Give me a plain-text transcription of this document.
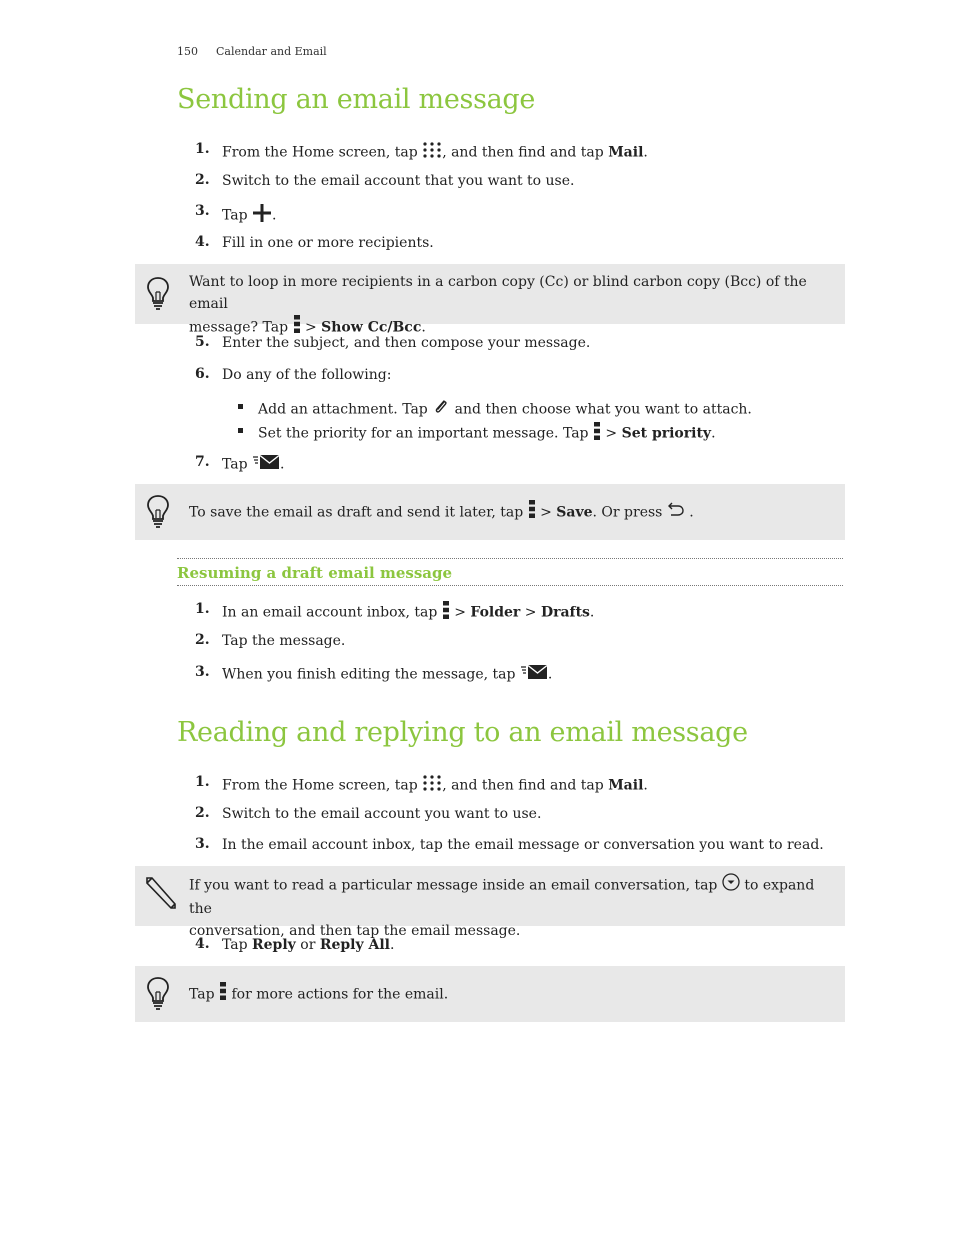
150 Calendar and Email
Sending an email message
1. From the Home screen, tap , and then find and tap Mail.
2. Switch to the email account that you want to use.
3. Tap .
4. Fill in one or more recipients.
Want to loop in more recipients in a carbon copy (Cc) or blind carbon copy (Bcc) of the email
message? Tap > Show Cc/Bcc.
5. Enter the subject, and then compose your message.
6. Do any of the following:
Add an attachment. Tap and then choose what you want to attach.
Set the priority for an important message. Tap > Set priority.
7. Tap .
To save the email as draft and send it later, tap > Save. Or press .
Resuming a draft email message
1. In an email account inbox, tap > Folder > Drafts.
2. Tap the message.
3. When you finish editing the message, tap .
Reading and replying to an email message
1. From the Home screen, tap , and then find and tap Mail.
2. Switch to the email account you want to use.
3. In the email account inbox, tap the email message or conversation you want to read.
If you want to read a particular message inside an email conversation, tap to expand the
conversation, and then tap the email message.
4. Tap Reply or Reply All.
Tap for more actions for the email.
